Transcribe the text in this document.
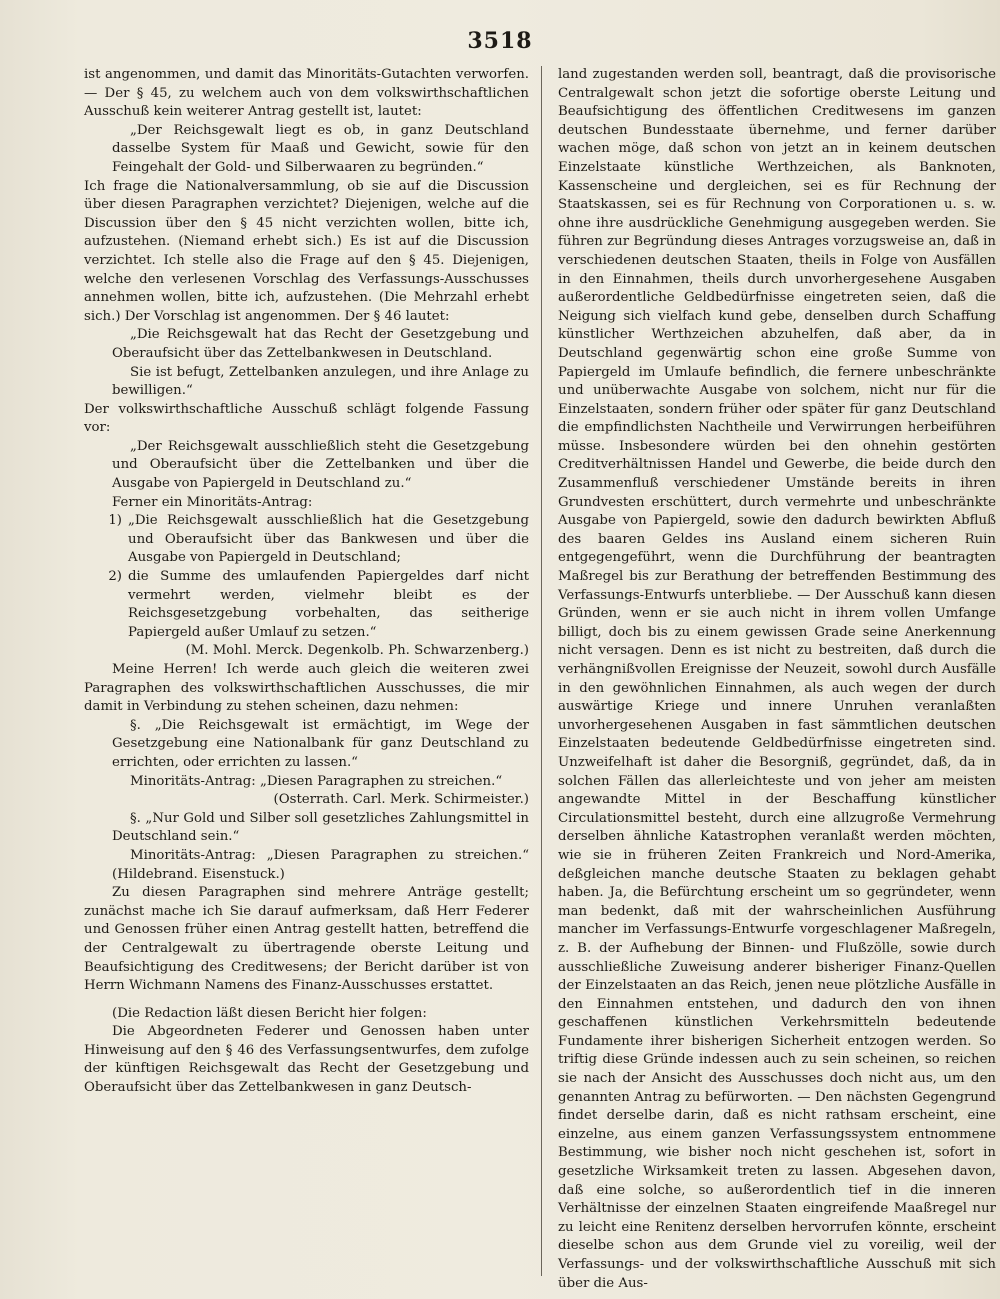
3518

ist angenommen, und damit das Minoritäts-Gutachten verworfen. — Der § 45, zu welchem auch von dem volkswirthschaftlichen Ausschuß kein weiterer Antrag gestellt ist, lautet:

„Der Reichsgewalt liegt es ob, in ganz Deutschland dasselbe System für Maaß und Gewicht, sowie für den Feingehalt der Gold- und Silberwaaren zu begründen.“

Ich frage die Nationalversammlung, ob sie auf die Discussion über diesen Paragraphen verzichtet? Diejenigen, welche auf die Discussion über den § 45 nicht verzichten wollen, bitte ich, aufzustehen. (Niemand erhebt sich.) Es ist auf die Discussion verzichtet. Ich stelle also die Frage auf den § 45. Diejenigen, welche den verlesenen Vorschlag des Verfassungs-Ausschusses annehmen wollen, bitte ich, aufzustehen. (Die Mehrzahl erhebt sich.) Der Vorschlag ist angenommen. Der § 46 lautet:

„Die Reichsgewalt hat das Recht der Gesetzgebung und Oberaufsicht über das Zettelbankwesen in Deutschland.

Sie ist befugt, Zettelbanken anzulegen, und ihre Anlage zu bewilligen.“

Der volkswirthschaftliche Ausschuß schlägt folgende Fassung vor:

„Der Reichsgewalt ausschließlich steht die Gesetzgebung und Oberaufsicht über die Zettelbanken und über die Ausgabe von Papiergeld in Deutschland zu.“

Ferner ein Minoritäts-Antrag:

1) „Die Reichsgewalt ausschließlich hat die Gesetzgebung und Oberaufsicht über das Bankwesen und über die Ausgabe von Papiergeld in Deutschland;
2) die Summe des umlaufenden Papiergeldes darf nicht vermehrt werden, vielmehr bleibt es der Reichsgesetzgebung vorbehalten, das seitherige Papiergeld außer Umlauf zu setzen.“

(M. Mohl. Merck. Degenkolb. Ph. Schwarzenberg.)

Meine Herren! Ich werde auch gleich die weiteren zwei Paragraphen des volkswirthschaftlichen Ausschusses, die mir damit in Verbindung zu stehen scheinen, dazu nehmen:

§. „Die Reichsgewalt ist ermächtigt, im Wege der Gesetzgebung eine Nationalbank für ganz Deutschland zu errichten, oder errichten zu lassen.“

Minoritäts-Antrag: „Diesen Paragraphen zu streichen.“

(Osterrath. Carl. Merk. Schirmeister.)

§. „Nur Gold und Silber soll gesetzliches Zahlungsmittel in Deutschland sein.“

Minoritäts-Antrag: „Diesen Paragraphen zu streichen.“ (Hildebrand. Eisenstuck.)

Zu diesen Paragraphen sind mehrere Anträge gestellt; zunächst mache ich Sie darauf aufmerksam, daß Herr Federer und Genossen früher einen Antrag gestellt hatten, betreffend die der Centralgewalt zu übertragende oberste Leitung und Beaufsichtigung des Creditwesens; der Bericht darüber ist von Herrn Wichmann Namens des Finanz-Ausschusses erstattet.

(Die Redaction läßt diesen Bericht hier folgen:

Die Abgeordneten Federer und Genossen haben unter Hinweisung auf den § 46 des Verfassungsentwurfes, dem zufolge der künftigen Reichsgewalt das Recht der Gesetzgebung und Oberaufsicht über das Zettelbankwesen in ganz Deutsch-

land zugestanden werden soll, beantragt, daß die provisorische Centralgewalt schon jetzt die sofortige oberste Leitung und Beaufsichtigung des öffentlichen Creditwesens im ganzen deutschen Bundesstaate übernehme, und ferner darüber wachen möge, daß schon von jetzt an in keinem deutschen Einzelstaate künstliche Werthzeichen, als Banknoten, Kassenscheine und dergleichen, sei es für Rechnung der Staatskassen, sei es für Rechnung von Corporationen u. s. w. ohne ihre ausdrückliche Genehmigung ausgegeben werden. Sie führen zur Begründung dieses Antrages vorzugsweise an, daß in verschiedenen deutschen Staaten, theils in Folge von Ausfällen in den Einnahmen, theils durch unvorhergesehene Ausgaben außerordentliche Geldbedürfnisse eingetreten seien, daß die Neigung sich vielfach kund gebe, denselben durch Schaffung künstlicher Werthzeichen abzuhelfen, daß aber, da in Deutschland gegenwärtig schon eine große Summe von Papiergeld im Umlaufe befindlich, die fernere unbeschränkte und unüberwachte Ausgabe von solchem, nicht nur für die Einzelstaaten, sondern früher oder später für ganz Deutschland die empfindlichsten Nachtheile und Verwirrungen herbeiführen müsse. Insbesondere würden bei den ohnehin gestörten Creditverhältnissen Handel und Gewerbe, die beide durch den Zusammenfluß verschiedener Umstände bereits in ihren Grundvesten erschüttert, durch vermehrte und unbeschränkte Ausgabe von Papiergeld, sowie den dadurch bewirkten Abfluß des baaren Geldes ins Ausland einem sicheren Ruin entgegengeführt, wenn die Durchführung der beantragten Maßregel bis zur Berathung der betreffenden Bestimmung des Verfassungs-Entwurfs unterbliebe. — Der Ausschuß kann diesen Gründen, wenn er sie auch nicht in ihrem vollen Umfange billigt, doch bis zu einem gewissen Grade seine Anerkennung nicht versagen. Denn es ist nicht zu bestreiten, daß durch die verhängnißvollen Ereignisse der Neuzeit, sowohl durch Ausfälle in den gewöhnlichen Einnahmen, als auch wegen der durch auswärtige Kriege und innere Unruhen veranlaßten unvorhergesehenen Ausgaben in fast sämmtlichen deutschen Einzelstaaten bedeutende Geldbedürfnisse eingetreten sind. Unzweifelhaft ist daher die Besorgniß, gegründet, daß, da in solchen Fällen das allerleichteste und von jeher am meisten angewandte Mittel in der Beschaffung künstlicher Circulationsmittel besteht, durch eine allzugroße Vermehrung derselben ähnliche Katastrophen veranlaßt werden möchten, wie sie in früheren Zeiten Frankreich und Nord-Amerika, deßgleichen manche deutsche Staaten zu beklagen gehabt haben. Ja, die Befürchtung erscheint um so gegründeter, wenn man bedenkt, daß mit der wahrscheinlichen Ausführung mancher im Verfassungs-Entwurfe vorgeschlagener Maßregeln, z. B. der Aufhebung der Binnen- und Flußzölle, sowie durch ausschließliche Zuweisung anderer bisheriger Finanz-Quellen der Einzelstaaten an das Reich, jenen neue plötzliche Ausfälle in den Einnahmen entstehen, und dadurch den von ihnen geschaffenen künstlichen Verkehrsmitteln bedeutende Fundamente ihrer bisherigen Sicherheit entzogen werden. So triftig diese Gründe indessen auch zu sein scheinen, so reichen sie nach der Ansicht des Ausschusses doch nicht aus, um den genannten Antrag zu befürworten. — Den nächsten Gegengrund findet derselbe darin, daß es nicht rathsam erscheint, eine einzelne, aus einem ganzen Verfassungssystem entnommene Bestimmung, wie bisher noch nicht geschehen ist, sofort in gesetzliche Wirksamkeit treten zu lassen. Abgesehen davon, daß eine solche, so außerordentlich tief in die inneren Verhältnisse der einzelnen Staaten eingreifende Maaßregel nur zu leicht eine Renitenz derselben hervorrufen könnte, erscheint dieselbe schon aus dem Grunde viel zu voreilig, weil der Verfassungs- und der volkswirthschaftliche Ausschuß mit sich über die Aus-
